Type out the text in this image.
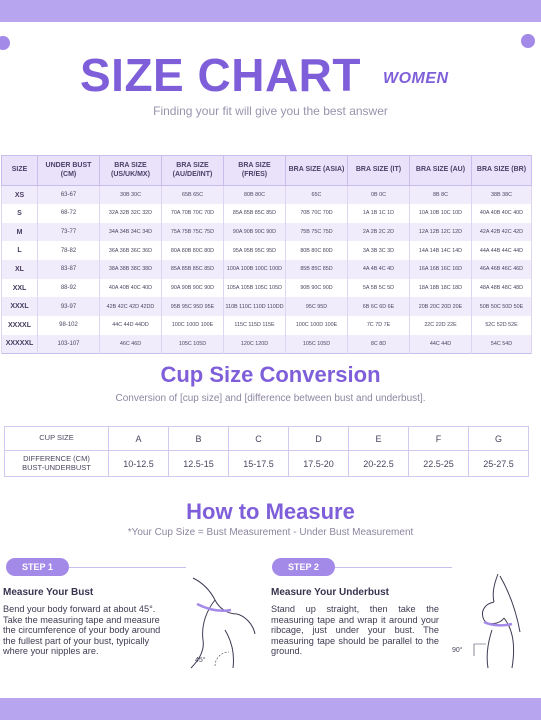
SIZE CHART WOMEN
Finding your fit will give you the best answer
SIZE	UNDER BUST (CM)	BRA SIZE (US/UK/MX)	BRA SIZE (AU/DE/INT)	BRA SIZE (FR/ES)	BRA SIZE (ASIA)	BRA SIZE (IT)	BRA SIZE (AU)	BRA SIZE (BR)
XS	63-67	30B 30C	65B 65C	80B 80C	65C	0B 0C	8B 8C	38B 38C
S	68-72	32A 32B 32C 32D	70A 70B 70C 70D	85A 85B 85C 85D	70B 70C 70D	1A 1B 1C 1D	10A 10B 10C 10D	40A 40B 40C 40D
M	73-77	34A 34B 34C 34D	75A 75B 75C 75D	90A 90B 90C 90D	75B 75C 75D	2A 2B 2C 2D	12A 12B 12C 12D	42A 42B 42C 42D
L	78-82	36A 36B 36C 36D	80A 80B 80C 80D	95A 95B 95C 95D	80B 80C 80D	3A 3B 3C 3D	14A 14B 14C 14D	44A 44B 44C 44D
XL	83-87	38A 38B 38C 38D	85A 85B 85C 85D	100A 100B 100C 100D	85B 85C 85D	4A 4B 4C 4D	16A 16B 16C 16D	46A 46B 46C 46D
XXL	88-92	40A 40B 40C 40D	90A 90B 90C 90D	105A 105B 105C 105D	90B 90C 90D	5A 5B 5C 5D	18A 18B 18C 18D	48A 48B 48C 48D
XXXL	93-97	42B 42C 42D 42DD	95B 95C 95D 95E	110B 110C 110D 110DD	95C 95D	6B 6C 6D 6E	20B 20C 20D 20E	50B 50C 50D 50E
XXXXL	98-102	44C 44D 44DD	100C 100D 100E	115C 115D 115E	100C 100D 100E	7C 7D 7E	22C 22D 22E	52C 52D 52E
XXXXXL	103-107	46C 46D	105C 105D	120C 120D	105C 105D	8C 8D	44C 44D	54C 54D
Cup Size Conversion
Conversion of [cup size] and [difference between bust and underbust].
CUP SIZE	A	B	C	D	E	F	G

DIFFERENCE (CM)
BUST-UNDERBUST	10-12.5	12.5-15	15-17.5	17.5-20	20-22.5	22.5-25	25-27.5
How to Measure
*Your Cup Size = Bust Measurement - Under Bust Measurement
STEP 1
Measure Your Bust
Bend your body forward at about 45°. Take the measuring tape and measure the circumference of your body around the fullest part of your bust, typically where your nipples are.
45°
STEP 2
Measure Your Underbust
Stand up straight, then take the measuring tape and wrap it around your ribcage, just under your bust. The measuring tape should be parallel to the ground.	90°
